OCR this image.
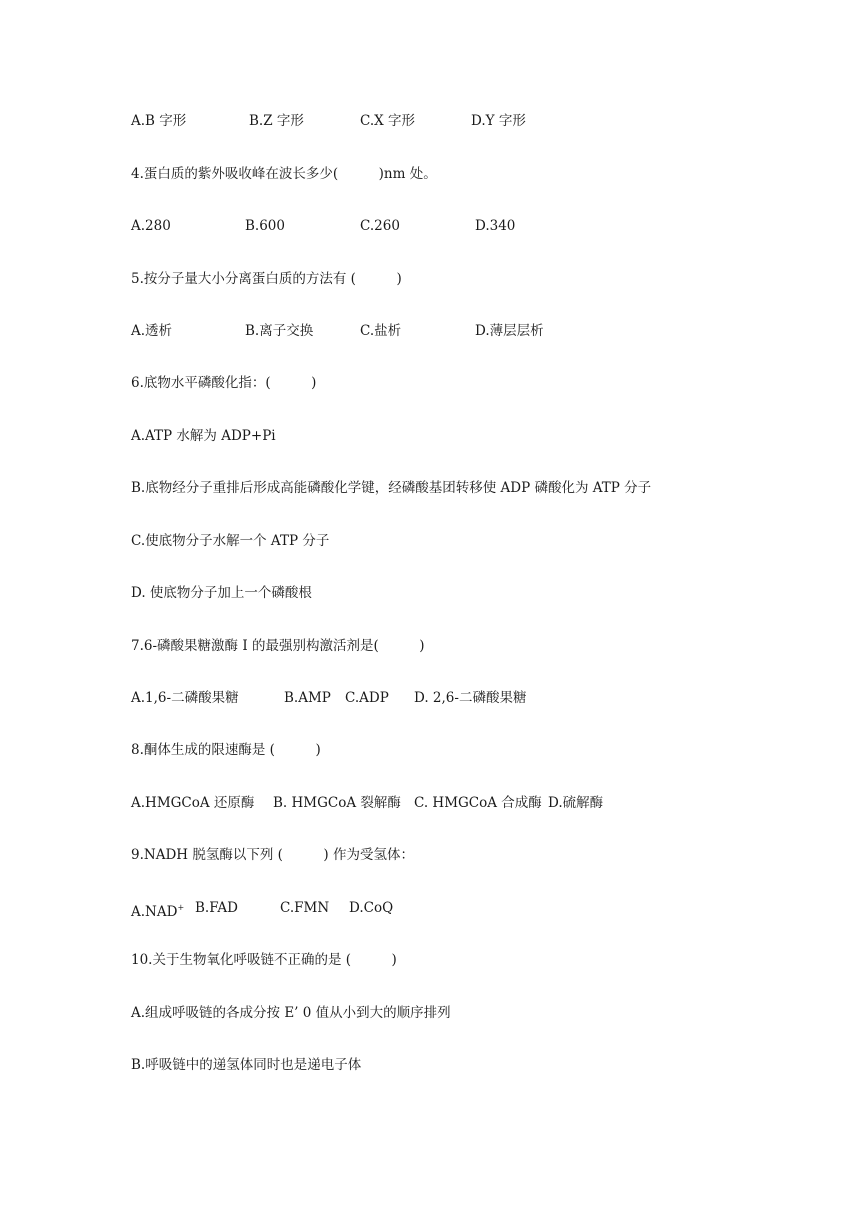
A.B 字形	B.Z 字形	C.X 字形	D.Y 字形
4.蛋白质的紫外吸收峰在波长多少(　　　)nm 处。
A.280	B.600	C.260	D.340
5.按分子量大小分离蛋白质的方法有 (　　　)
A.透析	B.离子交换	C.盐析	D.薄层层析
6.底物水平磷酸化指：(　　　)
A.ATP 水解为 ADP+Pi
B.底物经分子重排后形成高能磷酸化学键，经磷酸基团转移使 ADP 磷酸化为 ATP 分子
C.使底物分子水解一个 ATP 分子
D. 使底物分子加上一个磷酸根
7.6-磷酸果糖激酶 I 的最强别构激活剂是(　　　)
A.1,6-二磷酸果糖	B.AMP C.ADP D. 2,6-二磷酸果糖
8.酮体生成的限速酶是 (　　　)
A.HMGCoA 还原酶 B. HMGCoA 裂解酶 C. HMGCoA 合成酶 D.硫解酶
9.NADH 脱氢酶以下列 (　　　) 作为受氢体：
A.NAD+ B.FAD	C.FMN D.CoQ
10.关于生物氧化呼吸链不正确的是 (　　　)
A.组成呼吸链的各成分按 E’ 0 值从小到大的顺序排列
B.呼吸链中的递氢体同时也是递电子体
